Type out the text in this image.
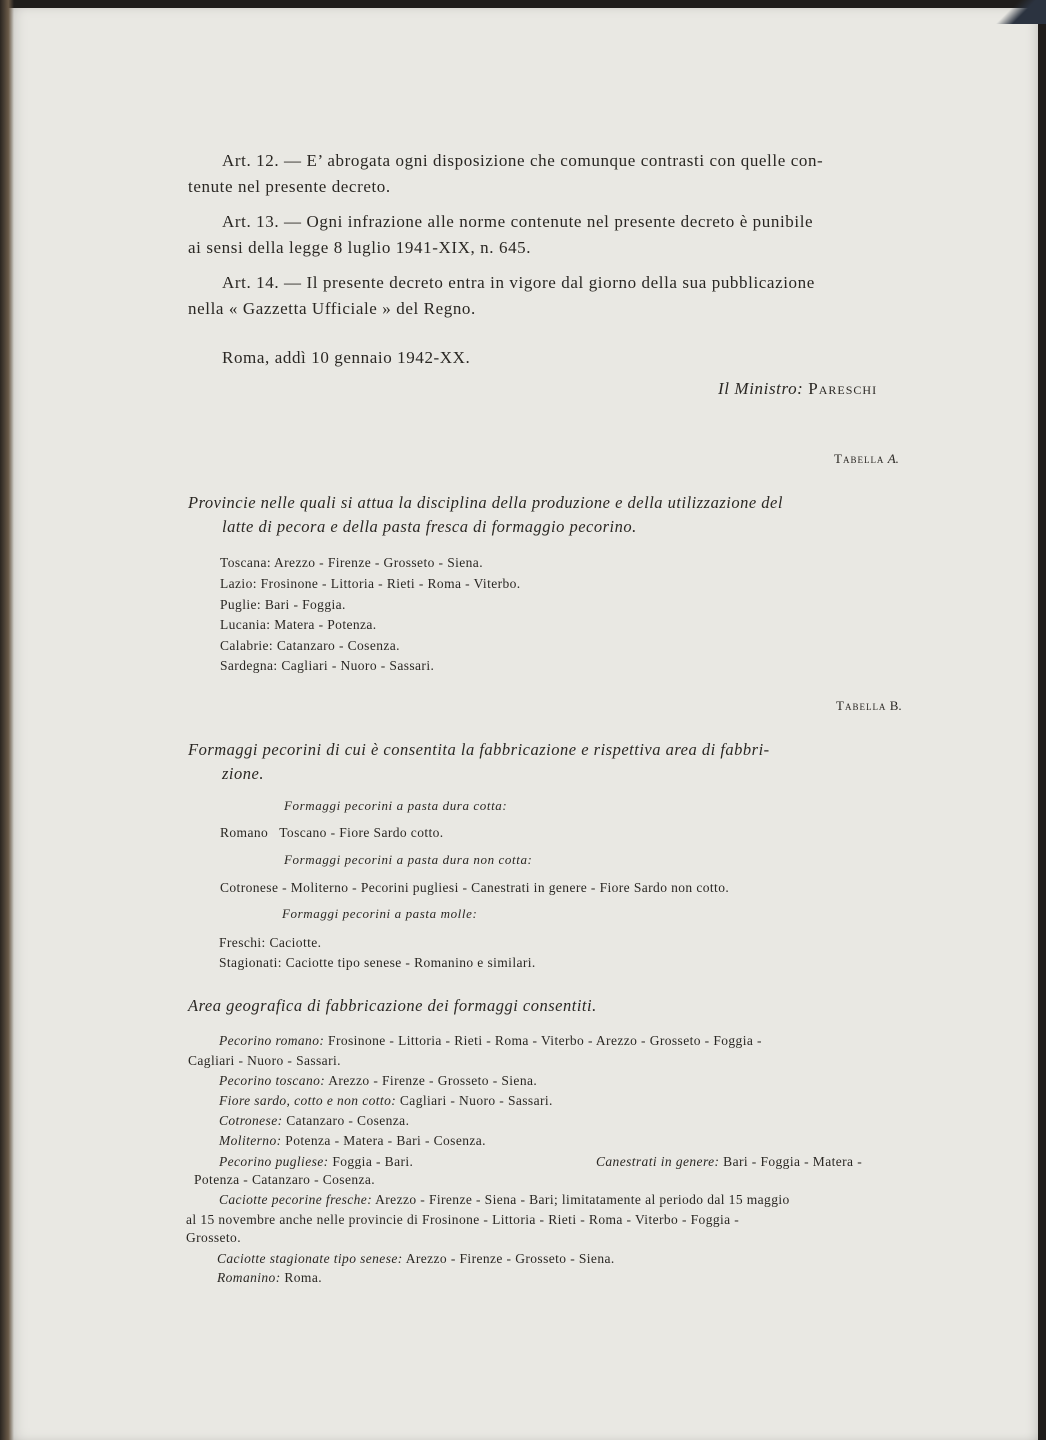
Art. 12. — E’ abrogata ogni disposizione che comunque contrasti con quelle con-
tenute nel presente decreto.
Art. 13. — Ogni infrazione alle norme contenute nel presente decreto è punibile
ai sensi della legge 8 luglio 1941-XIX, n. 645.
Art. 14. — Il presente decreto entra in vigore dal giorno della sua pubblicazione
nella « Gazzetta Ufficiale » del Regno.
Roma, addì 10 gennaio 1942-XX.
Il Ministro: Pareschi
Tabella A.
Provincie nelle quali si attua la disciplina della produzione e della utilizzazione del
latte di pecora e della pasta fresca di formaggio pecorino.
Toscana: Arezzo - Firenze - Grosseto - Siena.
Lazio: Frosinone - Littoria - Rieti - Roma - Viterbo.
Puglie: Bari - Foggia.
Lucania: Matera - Potenza.
Calabrie: Catanzaro - Cosenza.
Sardegna: Cagliari - Nuoro - Sassari.
Tabella B.
Formaggi pecorini di cui è consentita la fabbricazione e rispettiva area di fabbri-
zione.
Formaggi pecorini a pasta dura cotta:
Romano   Toscano - Fiore Sardo cotto.
Formaggi pecorini a pasta dura non cotta:
Cotronese - Moliterno - Pecorini pugliesi - Canestrati in genere - Fiore Sardo non cotto.
Formaggi pecorini a pasta molle:
Freschi: Caciotte.
Stagionati: Caciotte tipo senese - Romanino e similari.
Area geografica di fabbricazione dei formaggi consentiti.
Pecorino romano: Frosinone - Littoria - Rieti - Roma - Viterbo - Arezzo - Grosseto - Foggia -
Cagliari - Nuoro - Sassari.
Pecorino toscano: Arezzo - Firenze - Grosseto - Siena.
Fiore sardo, cotto e non cotto: Cagliari - Nuoro - Sassari.
Cotronese: Catanzaro - Cosenza.
Moliterno: Potenza - Matera - Bari - Cosenza.
Pecorino pugliese: Foggia - Bari.	Canestrati in genere: Bari - Foggia - Matera -
Potenza - Catanzaro - Cosenza.
Caciotte pecorine fresche: Arezzo - Firenze - Siena - Bari; limitatamente al periodo dal 15 maggio
al 15 novembre anche nelle provincie di Frosinone - Littoria - Rieti - Roma - Viterbo - Foggia -
Grosseto.
Caciotte stagionate tipo senese: Arezzo - Firenze - Grosseto - Siena.
Romanino: Roma.
